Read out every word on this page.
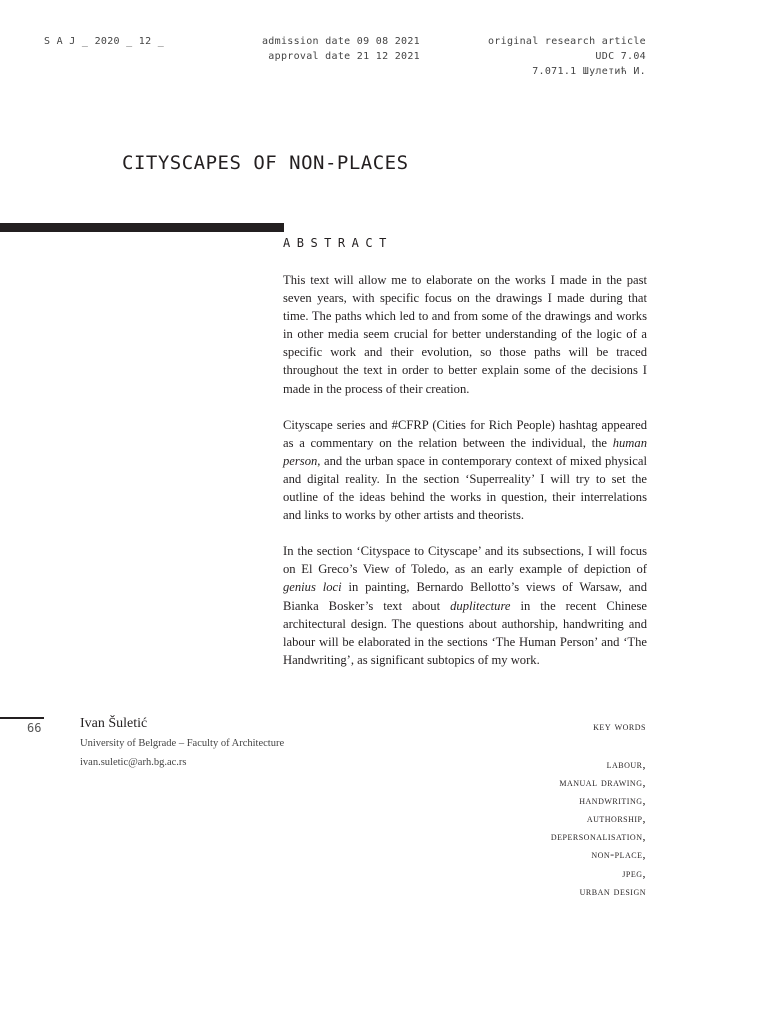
S A J _ 2020 _ 12 _	admission date 09 08 2021
approval date 21 12 2021
original research article
UDC 7.04
7.071.1 Шулетић И.
CITYSCAPES OF NON-PLACES
ABSTRACT

This text will allow me to elaborate on the works I made in the past seven years, with specific focus on the drawings I made during that time. The paths which led to and from some of the drawings and works in other media seem crucial for better understanding of the logic of a specific work and their evolution, so those paths will be traced throughout the text in order to better explain some of the decisions I made in the process of their creation.

Cityscape series and #CFRP (Cities for Rich People) hashtag appeared as a commentary on the relation between the individual, the human person, and the urban space in contemporary context of mixed physical and digital reality. In the section ‘Superreality’ I will try to set the outline of the ideas behind the works in question, their interrelations and links to works by other artists and theorists.

In the section ‘Cityspace to Cityscape’ and its subsections, I will focus on El Greco’s View of Toledo, as an early example of depiction of genius loci in painting, Bernardo Bellotto’s views of Warsaw, and Bianka Bosker’s text about duplitecture in the recent Chinese architectural design. The questions about authorship, handwriting and labour will be elaborated in the sections ‘The Human Person’ and ‘The Handwriting’, as significant subtopics of my work.

66	Ivan Šuletić
University of Belgrade – Faculty of Architecture
ivan.suletic@arh.bg.ac.rs
key words
labour,
manual drawing,
handwriting,
authorship,
depersonalisation,
non-place,
jpeg,
urban design
